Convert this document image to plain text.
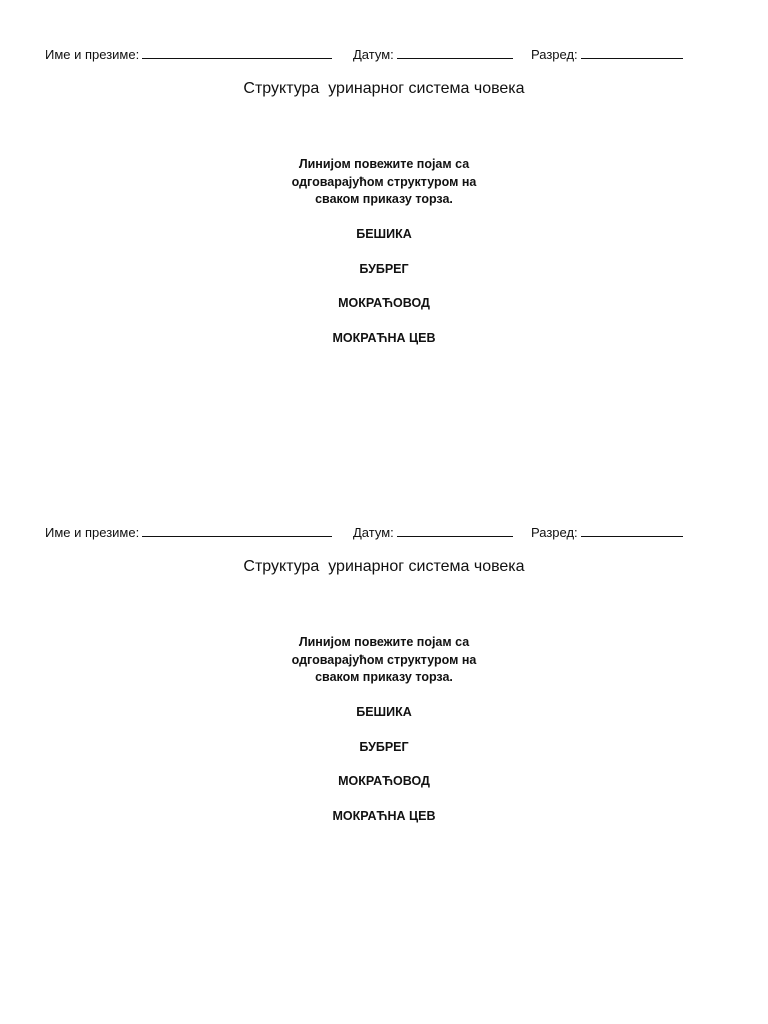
Име и презиме:	Датум:	Разред:
Структура  уринарног система човека
Линијом повежите појам са одговарајућом структуром на сваком приказу торза.
БЕШИКА
БУБРЕГ
МОКРАЋОВОД
МОКРАЋНА ЦЕВ
Име и презиме:	Датум:	Разред:
Структура  уринарног система човека
Линијом повежите појам са одговарајућом структуром на сваком приказу торза.
БЕШИКА
БУБРЕГ
МОКРАЋОВОД
МОКРАЋНА ЦЕВ
